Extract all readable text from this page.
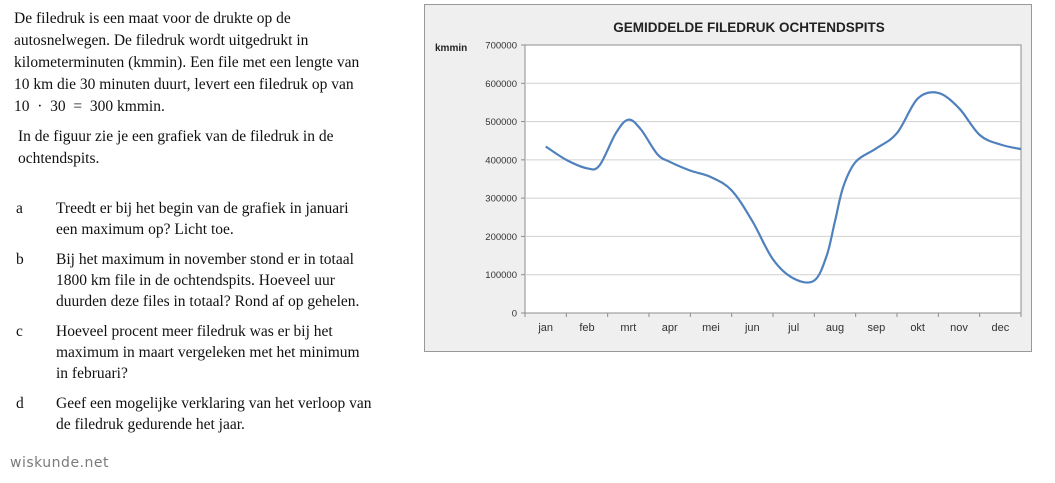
De filedruk is een maat voor de drukte op de
autosnelwegen. De filedruk wordt uitgedrukt in
kilometerminuten (kmmin). Een file met een lengte van
10 km die 30 minuten duurt, levert een filedruk op van
10  ·  30  =  300 kmmin.
In de figuur zie je een grafiek van de filedruk in de
ochtendspits.
a Treedt er bij het begin van de grafiek in januari
een maximum op? Licht toe.
b Bij het maximum in november stond er in totaal
1800 km file in de ochtendspits. Hoeveel uur
duurden deze files in totaal? Rond af op gehelen.
c Hoeveel procent meer filedruk was er bij het
maximum in maart vergeleken met het minimum
in februari?
d Geef een mogelijke verklaring van het verloop van
de filedruk gedurende het jaar.
wiskunde.net
GEMIDDELDE FILEDRUK OCHTENDSPITS
kmmin
0
100000
200000
300000
400000
500000
600000
700000
jan feb mrt apr mei jun	jul aug sep okt nov dec
